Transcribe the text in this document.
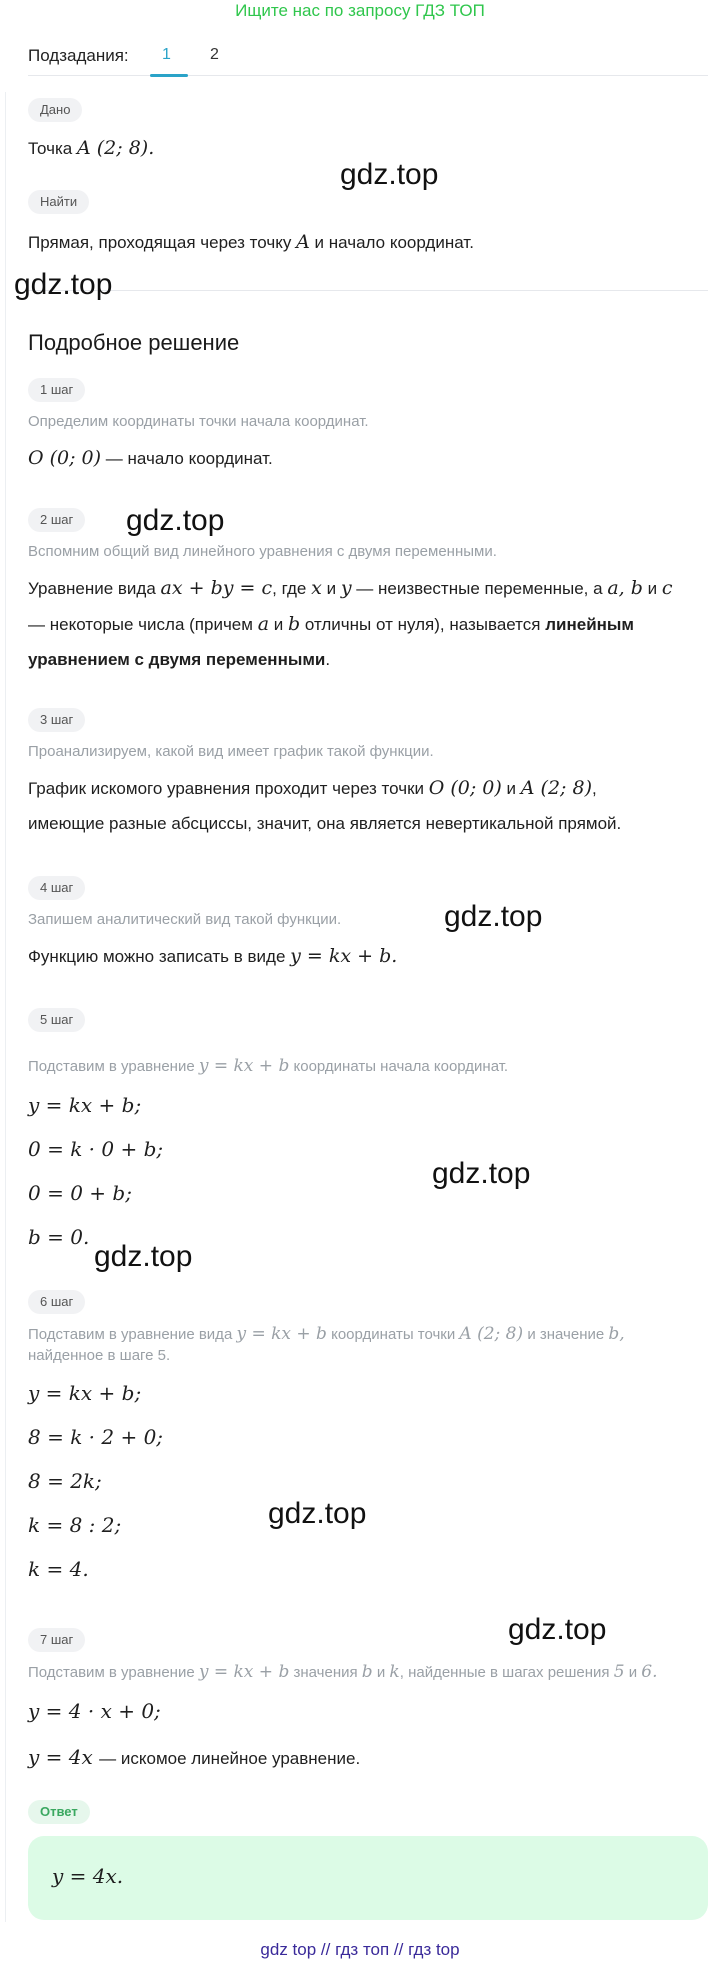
Ищите нас по запросу ГДЗ ТОП
Подзадания: 1 2
Дано
Точка A (2; 8).
Найти
Прямая, проходящая через точку A и начало координат.
Подробное решение
1 шаг
Определим координаты точки начала координат.
O (0; 0) — начало координат.
2 шаг
Вспомним общий вид линейного уравнения с двумя переменными.
Уравнение вида ax + by = c, где x и y — неизвестные переменные, а a, b и c
— некоторые числа (причем a и b отличны от нуля), называется линейным
уравнением с двумя переменными.
3 шаг
Проанализируем, какой вид имеет график такой функции.
График искомого уравнения проходит через точки O (0; 0) и A (2; 8),
имеющие разные абсциссы, значит, она является невертикальной прямой.
4 шаг
Запишем аналитический вид такой функции.
Функцию можно записать в виде y = kx + b.
5 шаг
Подставим в уравнение y = kx + b координаты начала координат.
y = kx + b;
0 = k · 0 + b;
0 = 0 + b;
b = 0.
6 шаг
Подставим в уравнение вида y = kx + b координаты точки A (2; 8) и значение b,
найденное в шаге 5.
y = kx + b;
8 = k · 2 + 0;
8 = 2k;
k = 8 : 2;
k = 4.
7 шаг
Подставим в уравнение y = kx + b значения b и k, найденные в шагах решения 5 и 6.
y = 4 · x + 0;
y = 4x — искомое линейное уравнение.
Ответ
y = 4x.
gdz.top
gdz.top
gdz.top
gdz.top
gdz.top
gdz.top
gdz.top
gdz.top
gdz top // гдз топ // гдз top
